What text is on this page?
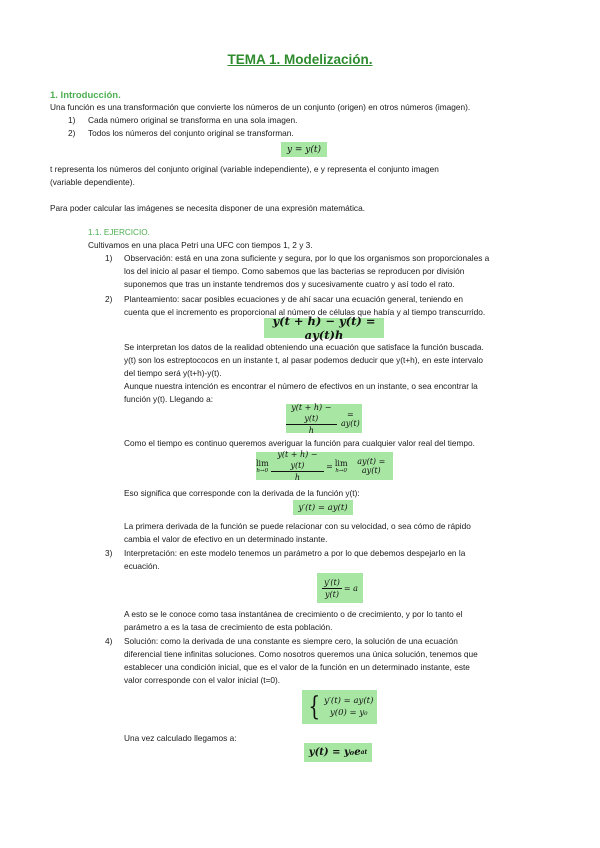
TEMA 1. Modelización.
1. Introducción.
Una función es una transformación que convierte los números de un conjunto (origen) en otros números (imagen).
1) Cada número original se transforma en una sola imagen.
2) Todos los números del conjunto original se transforman.
y = y(t)
t representa los números del conjunto original (variable independiente), e y representa el conjunto imagen
(variable dependiente).
Para poder calcular las imágenes se necesita disponer de una expresión matemática.
1.1. EJERCICIO.
Cultivamos en una placa Petri una UFC con tiempos 1, 2 y 3.
1) Observación: está en una zona suficiente y segura, por lo que los organismos son proporcionales a
los del inicio al pasar el tiempo. Como sabemos que las bacterias se reproducen por división
suponemos que tras un instante tendremos dos y sucesivamente cuatro y así todo el rato.
2) Planteamiento: sacar posibles ecuaciones y de ahí sacar una ecuación general, teniendo en
cuenta que el incremento es proporcional al número de células que había y al tiempo transcurrido.
y(t + h) − y(t) = ay(t)h
Se interpretan los datos de la realidad obteniendo una ecuación que satisface la función buscada.
y(t) son los estreptococos en un instante t, al pasar podemos deducir que y(t+h), en este intervalo
del tiempo será y(t+h)-y(t).
Aunque nuestra intención es encontrar el número de efectivos en un instante, o sea encontrar la
función y(t). Llegando a:
$\frac{y(t + h) - y(t)}{h}$	= ay(t)
Como el tiempo es continuo queremos averiguar la función para cualquier valor real del tiempo.
lim
$h\to 0 \frac{y(t + h) - y(t)}{h} = \lim$
h→0
ay(t) = ay(t)
Eso significa que corresponde con la derivada de la función y(t):
y′(t) = ay(t)
La primera derivada de la función se puede relacionar con su velocidad, o sea cómo de rápido
cambia el valor de efectivo en un determinado instante.
3) Interpretación: en este modelo tenemos un parámetro a por lo que debemos despejarlo en la
ecuación.
$\frac{y'(t)}{y(t)} = a$
A esto se le conoce como tasa instantánea de crecimiento o de crecimiento, y por lo tanto el
parámetro a es la tasa de crecimiento de esta población.
4) Solución: como la derivada de una constante es siempre cero, la solución de una ecuación
diferencial tiene infinitas soluciones. Como nosotros queremos una única solución, tenemos que
establecer una condición inicial, que es el valor de la función en un determinado instante, este
valor corresponde con el valor inicial (t=0).
{ y′(t) = ay(t)
y(0) = y₀
Una vez calculado llegamos a:
y(t) = y₀e at
